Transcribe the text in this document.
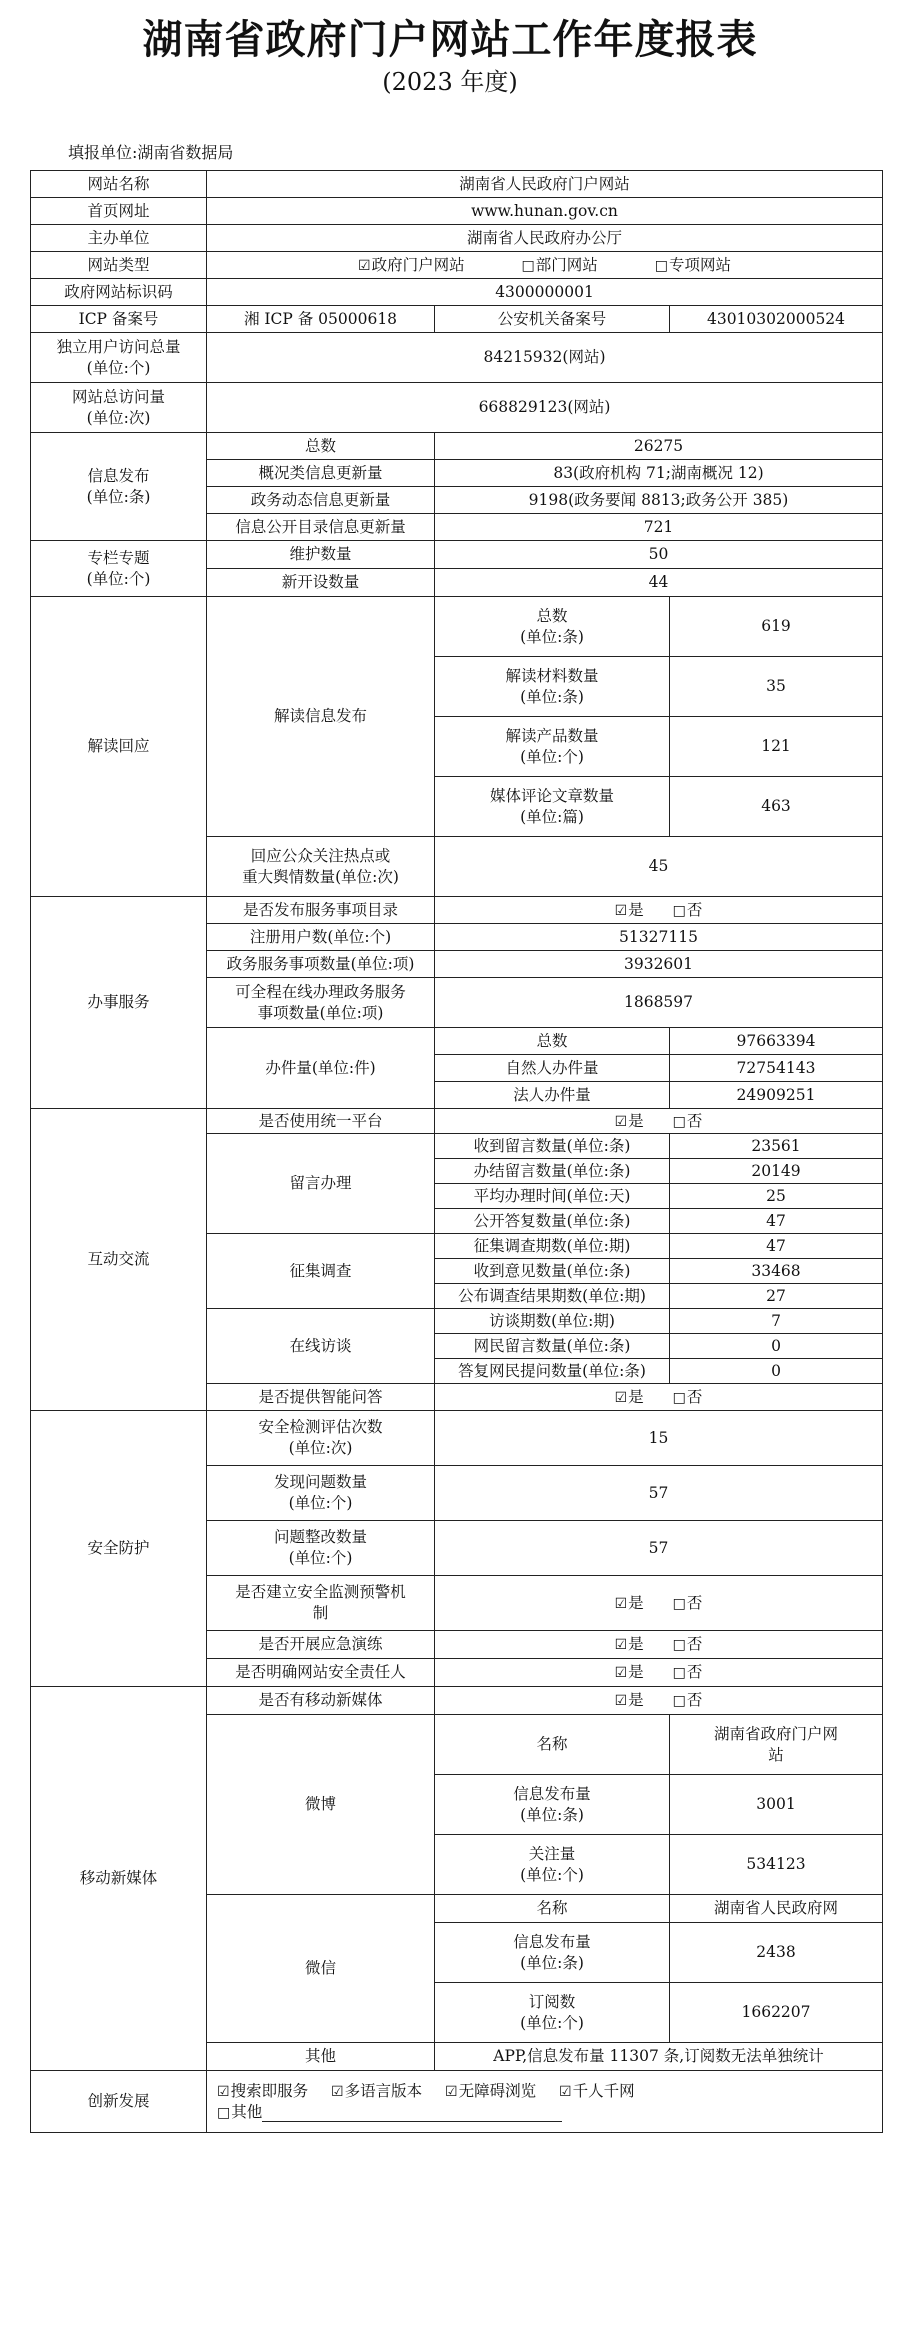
湖南省政府门户网站工作年度报表
(2023 年度)
填报单位:湖南省数据局
网站名称	湖南省人民政府门户网站		
首页网址	www.hunan.gov.cn		
主办单位	湖南省人民政府办公厅		
网站类型	☑政府门户网站 □部门网站 □专项网站		
政府网站标识码	4300000001		
ICP 备案号	湘 ICP 备 05000618	公安机关备案号	43010302000524

独立用户访问总量
(单位:个)	84215932(网站)		

网站总访问量
(单位:次)	668829123(网站)		

信息发布
(单位:条)	总数	26275	
	概况类信息更新量	83(政府机构 71;湖南概况 12)	
	政务动态信息更新量	9198(政务要闻 8813;政务公开 385)	
	信息公开目录信息更新量	721	

专栏专题
(单位:个)	维护数量	50	
	新开设数量	44	
解读回应	解读信息发布	总数
(单位:条)	619

		解读材料数量
(单位:条)	35

		解读产品数量
(单位:个)	121

		媒体评论文章数量
(单位:篇)	463

	回应公众关注热点或
重大舆情数量(单位:次)	45	
办事服务	是否发布服务事项目录	☑是 □否	
	注册用户数(单位:个)	51327115	
	政务服务事项数量(单位:项)	3932601	

	可全程在线办理政务服务
事项数量(单位:项)	1868597	
	办件量(单位:件)	总数	97663394
		自然人办件量	72754143
		法人办件量	24909251
互动交流	是否使用统一平台	☑是 □否	
	留言办理	收到留言数量(单位:条)	23561
		办结留言数量(单位:条)	20149
		平均办理时间(单位:天)	25
		公开答复数量(单位:条)	47
	征集调查	征集调查期数(单位:期)	47
		收到意见数量(单位:条)	33468
		公布调查结果期数(单位:期)	27
	在线访谈	访谈期数(单位:期)	7
		网民留言数量(单位:条)	0
		答复网民提问数量(单位:条)	0
	是否提供智能问答	☑是 □否	

安全防护	安全检测评估次数
(单位:次)	15	

	发现问题数量
(单位:个)	57	

	问题整改数量
(单位:个)	57	

	是否建立安全监测预警机
制	☑是 □否	
	是否开展应急演练	☑是 □否	
	是否明确网站安全责任人	☑是 □否	
移动新媒体	是否有移动新媒体	☑是 □否	
	微博	名称	湖南省政府门户网
站

		信息发布量
(单位:条)	3001

		关注量
(单位:个)	534123
	微信	名称	湖南省人民政府网

		信息发布量
(单位:条)	2438

		订阅数
(单位:个)	1662207
	其他	APP,信息发布量 11307 条,订阅数无法单独统计	
创新发展	☑搜索即服务 ☑多语言版本 ☑无障碍浏览 ☑千人千网
□其他		
